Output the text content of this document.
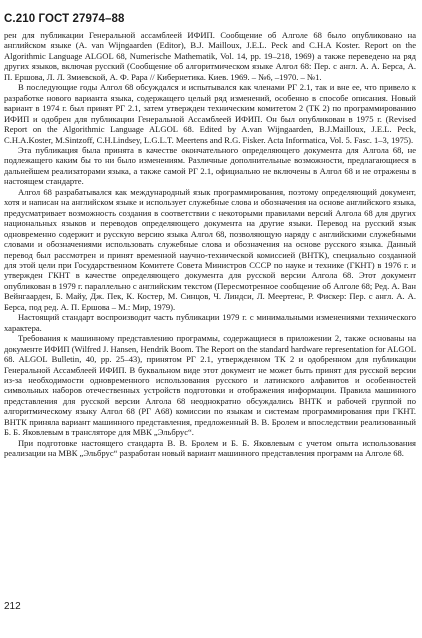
С.210 ГОСТ 27974–88

рен для публикации Генеральной ассамблеей ИФИП. Сообщение об Алголе 68 было опубликовано на английском языке (A. van Wijngaarden (Editor), B.J. Mailloux, J.E.L. Peck and C.H.A Koster. Report on the Algorithmic Language ALGOL 68, Numerische Mathematik, Vol. 14, pp. 19–218, 1969) а также переведено на ряд других языков, включая русский (Сообщение об алгоритмическом языке Алгол 68: Пер. с англ. А. А. Берса, А. П. Ершова, Л. Л. Змиевской, А. Ф. Рара // Кибернетика. Киев. 1969. – №6, –1970. – №1.

В последующие годы Алгол 68 обсуждался и испытывался как членами РГ 2.1, так и вне ее, что привело к разработке нового варианта языка, содержащего целый ряд изменений, особенно в способе описания. Новый вариант в 1974 г. был принят РГ 2.1, затем утвержден техническим комитетом 2 (ТК 2) по программированию ИФИП и одобрен для публикации Генеральной Ассамблеей ИФИП. Он был опубликован в 1975 г. (Revised Report on the Algorithmic Language ALGOL 68. Edited by A.van Wijngaarden, B.J.Mailloux, J.E.L. Peck, C.H.A.Koster, M.Sintzoff, C.H.Lindsey, L.G.L.T. Meertens and R.G. Fisker. Acta Informatica, Vol. 5. Fasc. 1–3, 1975).

Эта публикация была принята в качестве окончательного определяющего документа для Алгола 68, не подлежащего каким бы то ни было изменениям. Различные дополнительные возможности, предлагающиеся в дальнейшем реализаторами языка, а также самой РГ 2.1, официально не включены в Алгол 68 и не отражены в настоящем стандарте.

Алгол 68 разрабатывался как международный язык программирования, поэтому определяющий документ, хотя и написан на английском языке и использует служебные слова и обозначения на основе английского языка, предусматривает возможность создания в соответствии с некоторыми правилами версий Алгола 68 для других национальных языков и переводов определяющего документа на другие языки. Перевод на русский язык одновременно содержит и русскую версию языка Алгол 68, позволяющую наряду с английскими служебными словами и обозначениями использовать служебные слова и обозначения на основе русского языка. Данный перевод был рассмотрен и принят временной научно-технической комиссией (ВНТК), специально созданной для этой цели при Государственном Комитете Совета Министров СССР по науке и технике (ГКНТ) в 1976 г. и утвержден ГКНТ в качестве определяющего документа для русской версии Алгола 68. Этот документ опубликован в 1979 г. параллельно с английским текстом (Пересмотренное сообщение об Алголе 68; Ред. А. Ван Вейнгаарден, Б. Майу, Дж. Пек, К. Костер, М. Синцов, Ч. Линдси, Л. Меертенс, Р. Фискер: Пер. с англ. А. А. Берса, под ред. А. П. Ершова – М.: Мир, 1979).

Настоящий стандарт воспроизводит часть публикации 1979 г. с минимальными изменениями технического характера.

Требования к машинному представлению программы, содержащиеся в приложении 2, также основаны на документе ИФИП (Wilfred J. Hansen, Hendrik Boom. The Report on the standard hardware representation for ALGOL 68. ALGOL Bulletin, 40, pp. 25–43), принятом РГ 2.1, утвержденном ТК 2 и одобренном для публикации Генеральной Ассамблеей ИФИП. В буквальном виде этот документ не может быть принят для русской версии из-за необходимости одновременного использования русского и латинского алфавитов и особенностей символьных наборов отечественных устройств подготовки и отображения информации. Правила машинного представления для русской версии Алгола 68 неоднократно обсуждались ВНТК и рабочей группой по алгоритмическому языку Алгол 68 (РГ А68) комиссии по языкам и системам программирования при ГКНТ. ВНТК приняла вариант машинного представления, предложенный В. В. Бролем и впоследствии реализованный Б. Б. Яковлевым в трансляторе для МВК „Эльбрус“.

При подготовке настоящего стандарта В. В. Бролем и Б. Б. Яковлевым с учетом опыта использования реализации на МВК „Эльбрус“ разработан новый вариант машинного представления программ на Алголе 68.

212
